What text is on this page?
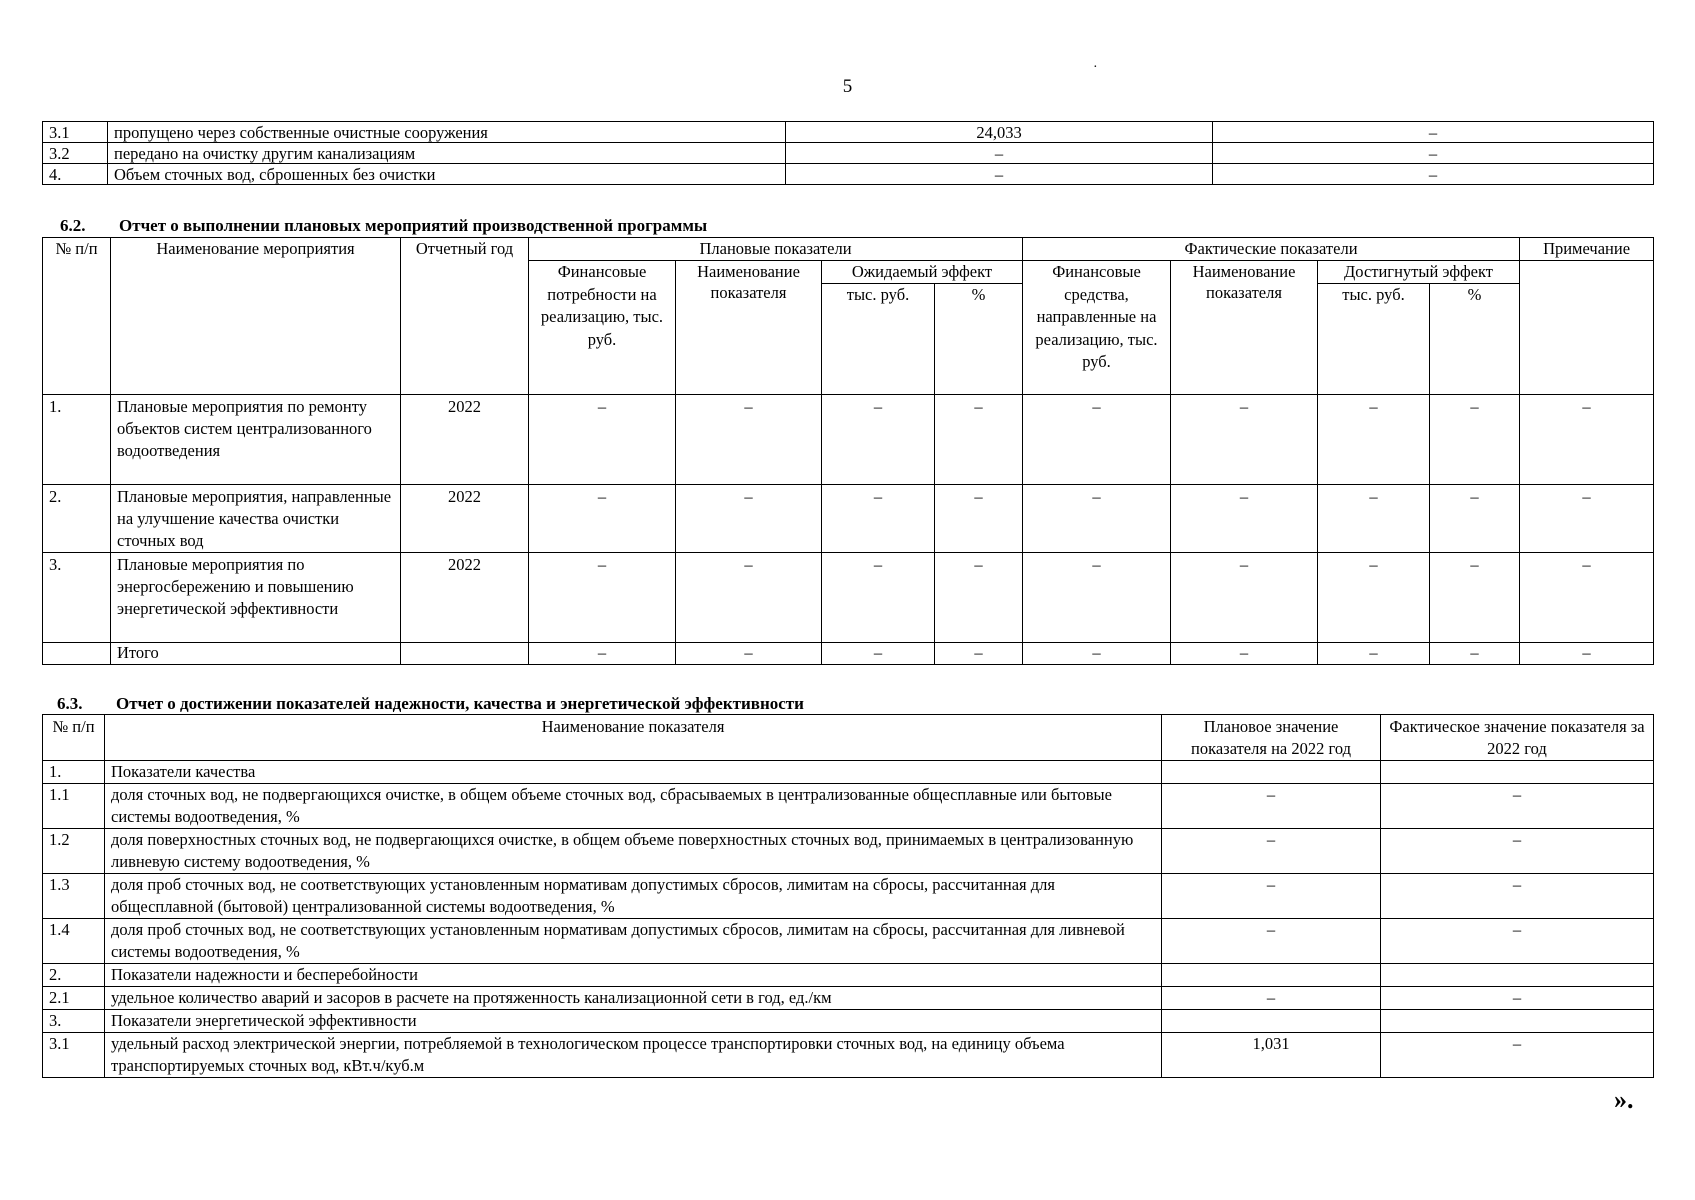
5
·
3.1	пропущено через собственные очистные сооружения	24,033	–
3.2	передано на очистку другим канализациям	–	–
4.	Объем сточных вод, сброшенных без очистки	–	–
6.2. Отчет о выполнении плановых мероприятий производственной программы
№ п/п	Наименование мероприятия	Отчетный год	Плановые показатели				Фактические показатели				Примечание
			Финансовые потребности на реализацию, тыс. руб.	Наименование показателя	Ожидаемый эффект		Финансовые средства, направленные на реализацию, тыс. руб.	Наименование показателя	Достигнутый эффект		
					тыс. руб.	%			тыс. руб.	%	
1.	Плановые мероприятия по ремонту объектов систем централизованного водоотведения	2022	–	–	–	–	–	–	–	–	–
2.	Плановые мероприятия, направленные на улучшение качества очистки сточных вод	2022	–	–	–	–	–	–	–	–	–
3.	Плановые мероприятия по энергосбережению и повышению энергетической эффективности	2022	–	–	–	–	–	–	–	–	–
	Итого		–	–	–	–	–	–	–	–	–
6.3. Отчет о достижении показателей надежности, качества и энергетической эффективности
№ п/п	Наименование показателя	Плановое значение показателя на 2022 год	Фактическое значение показателя за 2022 год
1.	Показатели качества		
1.1	доля сточных вод, не подвергающихся очистке, в общем объеме сточных вод, сбрасываемых в централизованные общесплавные или бытовые системы водоотведения, %	–	–
1.2	доля поверхностных сточных вод, не подвергающихся очистке, в общем объеме поверхностных сточных вод, принимаемых в централизованную ливневую систему водоотведения, %	–	–
1.3	доля проб сточных вод, не соответствующих установленным нормативам допустимых сбросов, лимитам на сбросы, рассчитанная для общесплавной (бытовой) централизованной системы водоотведения, %	–	–
1.4	доля проб сточных вод, не соответствующих установленным нормативам допустимых сбросов, лимитам на сбросы, рассчитанная для ливневой системы водоотведения, %	–	–
2.	Показатели надежности и бесперебойности		
2.1	удельное количество аварий и засоров в расчете на протяженность канализационной сети в год, ед./км	–	–
3.	Показатели энергетической эффективности		
3.1	удельный расход электрической энергии, потребляемой в технологическом процессе транспортировки сточных вод, на единицу объема транспортируемых сточных вод, кВт.ч/куб.м	1,031	–
».
